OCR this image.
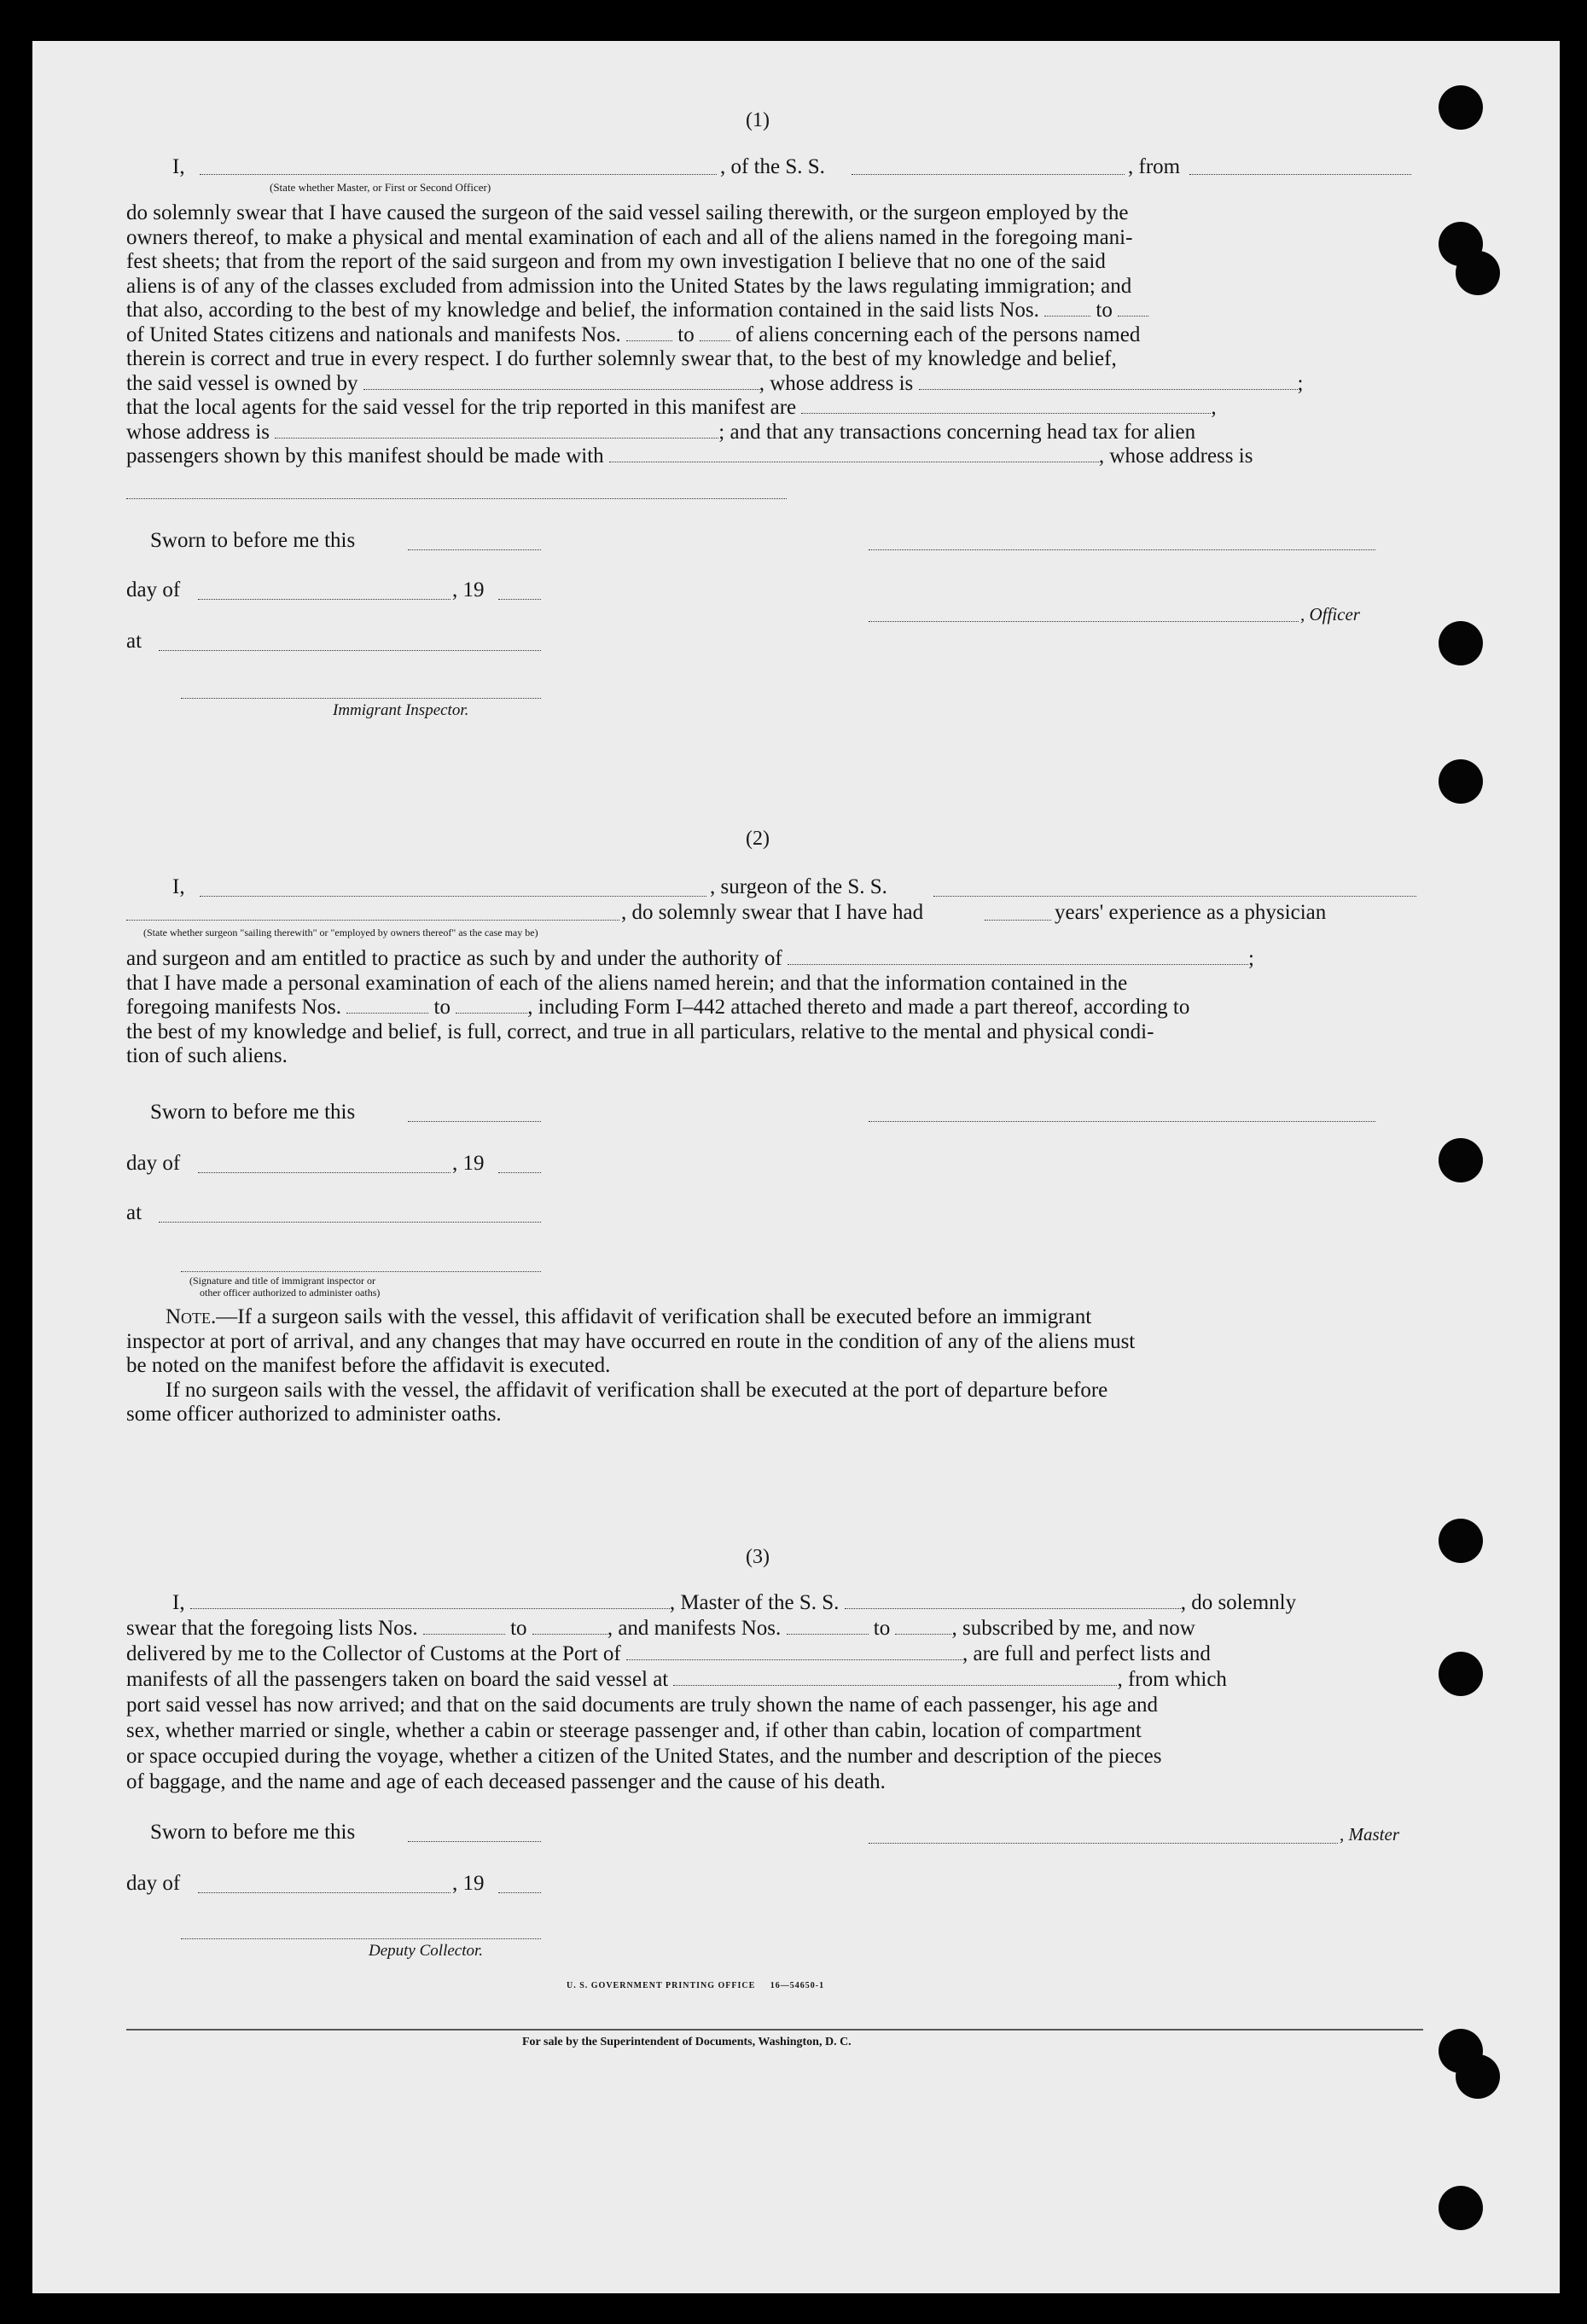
(1)
I,	, of the S. S.	, from
(State whether Master, or First or Second Officer)
do solemnly swear that I have caused the surgeon of the said vessel sailing therewith, or the surgeon employed by the
owners thereof, to make a physical and mental examination of each and all of the aliens named in the foregoing mani-
fest sheets; that from the report of the said surgeon and from my own investigation I believe that no one of the said
aliens is of any of the classes excluded from admission into the United States by the laws regulating immigration; and
that also, according to the best of my knowledge and belief, the information contained in the said lists Nos.	to
of United States citizens and nationals and manifests Nos.	to of aliens concerning each of the persons named
therein is correct and true in every respect. I do further solemnly swear that, to the best of my knowledge and belief,
the said vessel is owned by	, whose address is	;
that the local agents for the said vessel for the trip reported in this manifest are	,
whose address is	; and that any transactions concerning head tax for alien
passengers shown by this manifest should be made with	, whose address is
Sworn to before me this
day of	, 19
, Officer
at
Immigrant Inspector.
(2)
I,	, surgeon of the S. S.
, do solemnly swear that I have had	years' experience as a physician
(State whether surgeon "sailing therewith" or "employed by owners thereof" as the case may be)
and surgeon and am entitled to practice as such by and under the authority of	;
that I have made a personal examination of each of the aliens named herein; and that the information contained in the
foregoing manifests Nos.	to	, including Form I–442 attached thereto and made a part thereof, according to
the best of my knowledge and belief, is full, correct, and true in all particulars, relative to the mental and physical condi-
tion of such aliens.
Sworn to before me this
day of	, 19
at
(Signature and title of immigrant inspector or
other officer authorized to administer oaths)
Note.—If a surgeon sails with the vessel, this affidavit of verification shall be executed before an immigrant
inspector at port of arrival, and any changes that may have occurred en route in the condition of any of the aliens must
be noted on the manifest before the affidavit is executed.
If no surgeon sails with the vessel, the affidavit of verification shall be executed at the port of departure before
some officer authorized to administer oaths.
(3)
I,	, Master of the S. S.	, do solemnly
swear that the foregoing lists Nos.	to	, and manifests Nos.	to	, subscribed by me, and now
delivered by me to the Collector of Customs at the Port of	, are full and perfect lists and
manifests of all the passengers taken on board the said vessel at	, from which
port said vessel has now arrived; and that on the said documents are truly shown the name of each passenger, his age and
sex, whether married or single, whether a cabin or steerage passenger and, if other than cabin, location of compartment
or space occupied during the voyage, whether a citizen of the United States, and the number and description of the pieces
of baggage, and the name and age of each deceased passenger and the cause of his death.
Sworn to before me this	, Master
day of	, 19
Deputy Collector.
U. S. GOVERNMENT PRINTING OFFICE     16—54650-1
For sale by the Superintendent of Documents, Washington, D. C.
